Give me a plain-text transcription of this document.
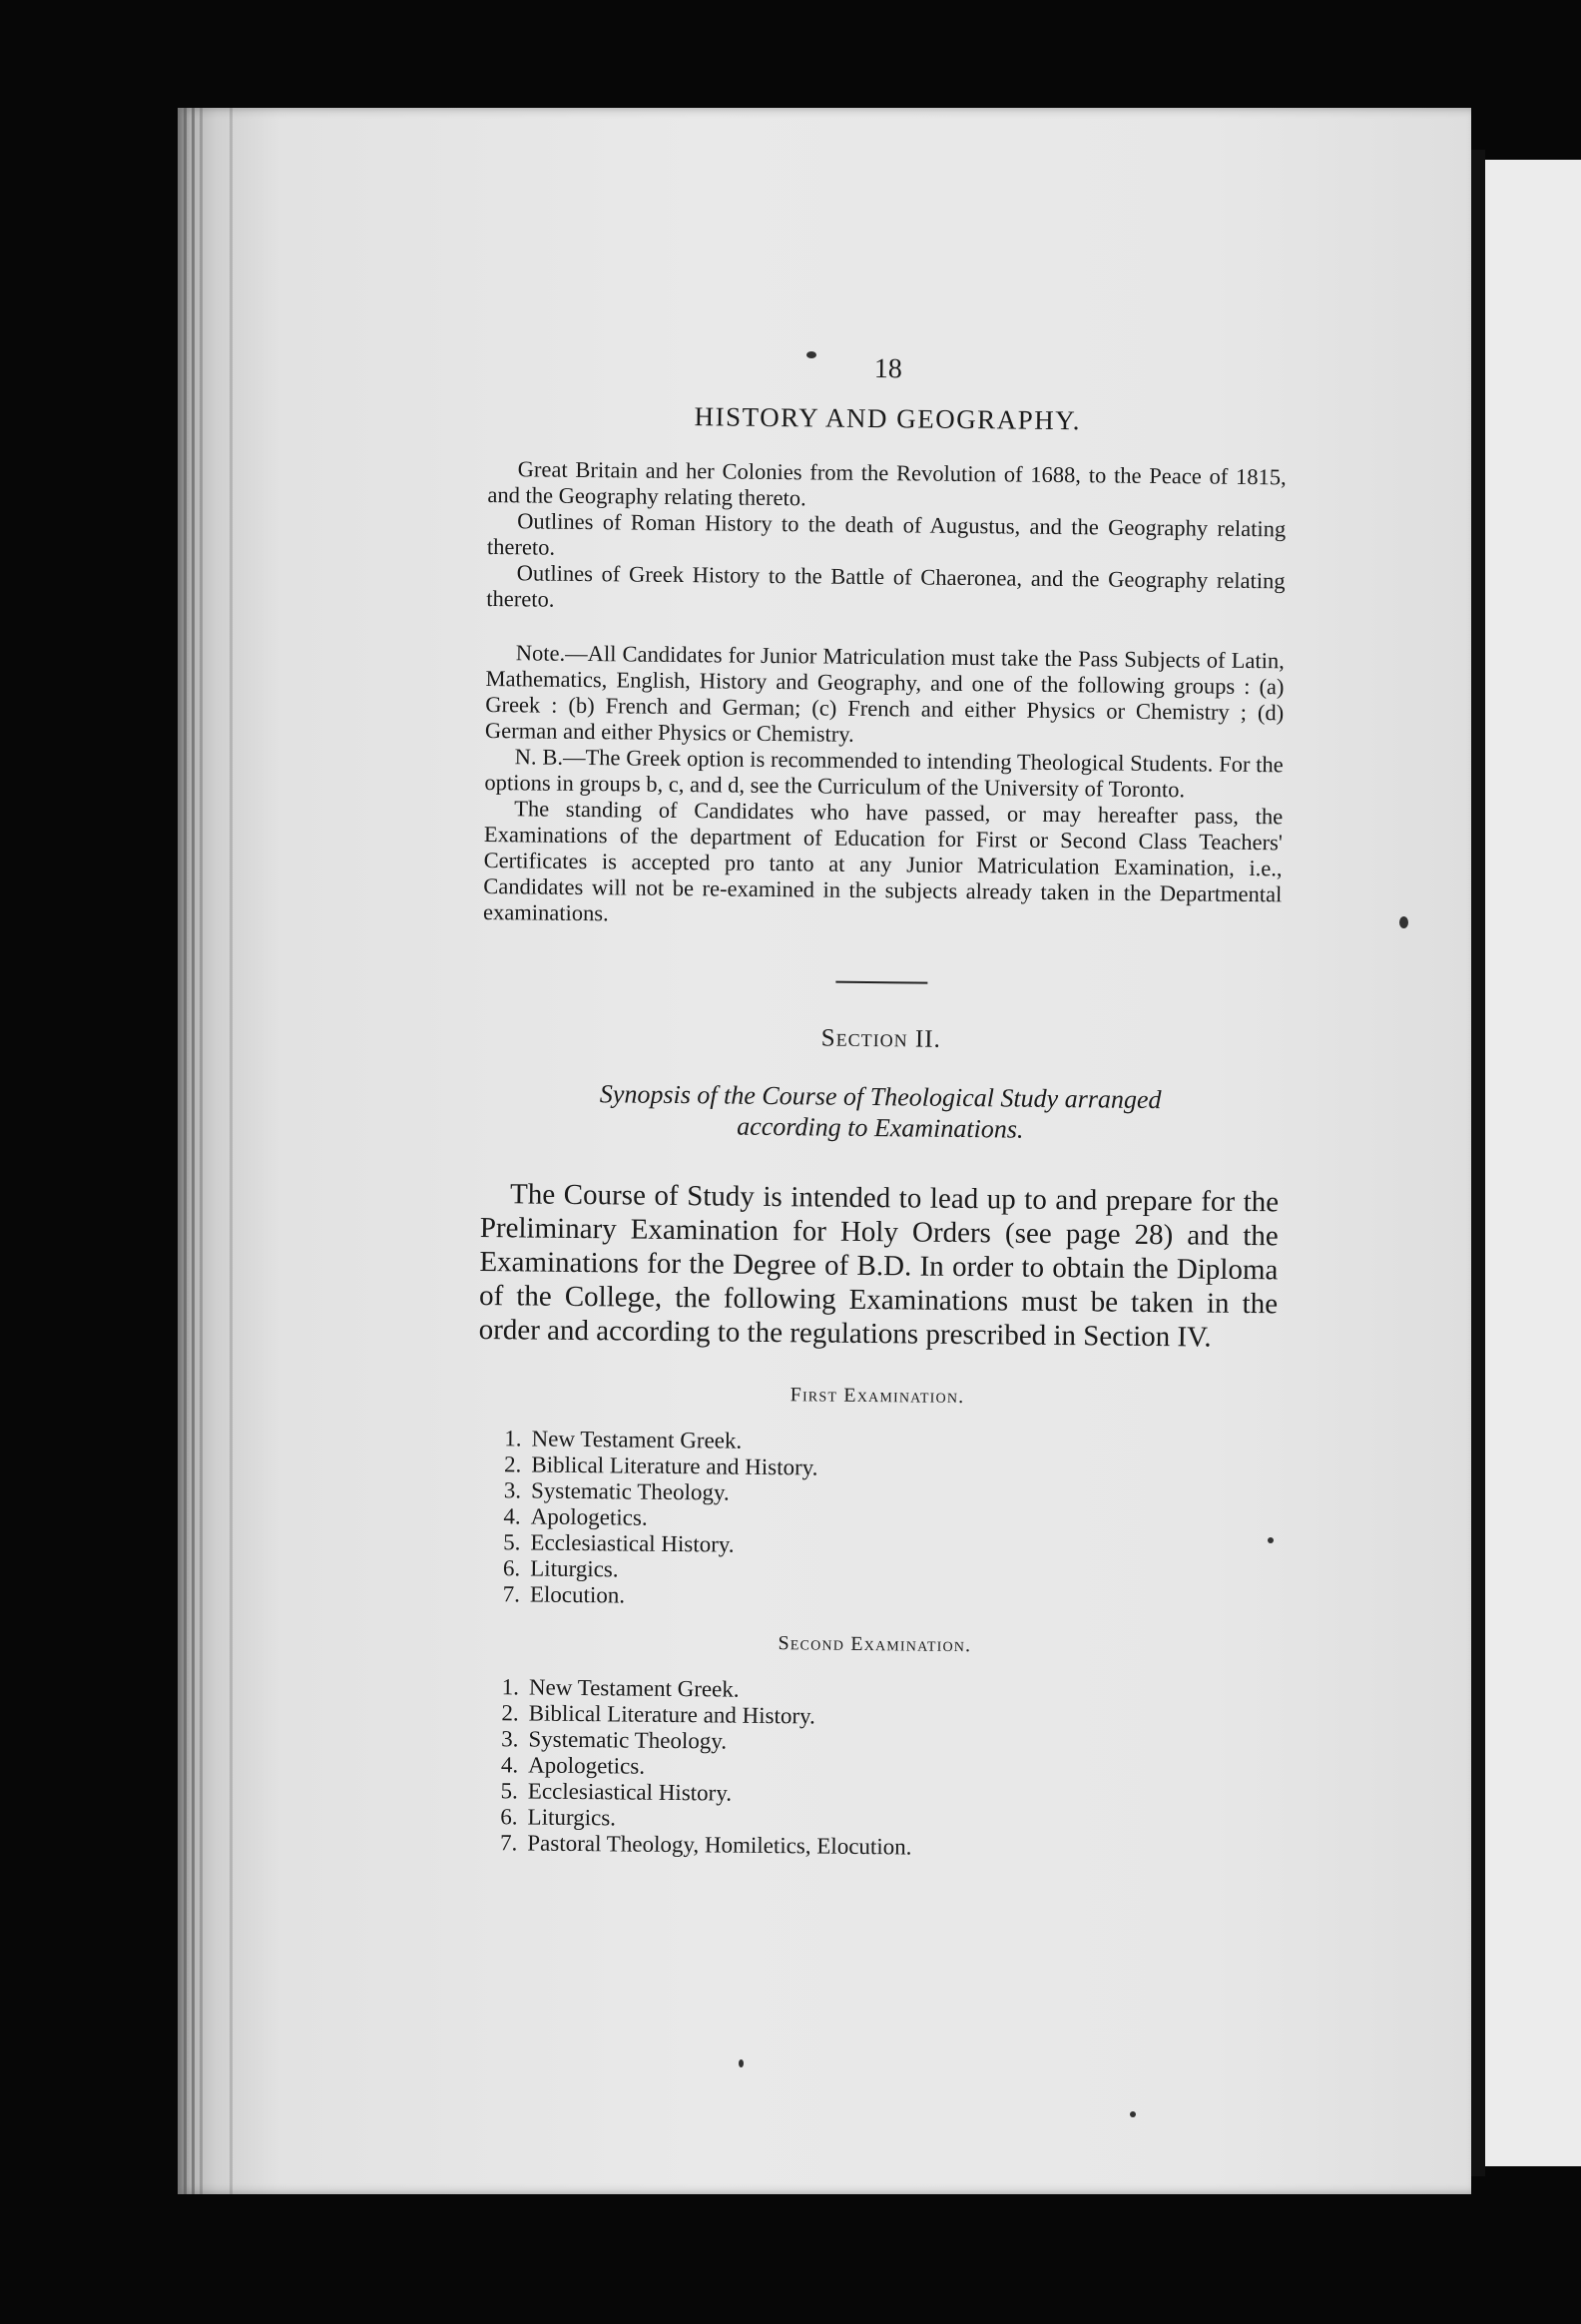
18
HISTORY AND GEOGRAPHY.

Great Britain and her Colonies from the Revolution of 1688, to the Peace of 1815, and the Geography relating thereto.

Outlines of Roman History to the death of Augustus, and the Geography relating thereto.

Outlines of Greek History to the Battle of Chaeronea, and the Geography relating thereto.

Note.—All Candidates for Junior Matriculation must take the Pass Subjects of Latin, Mathematics, English, History and Geography, and one of the following groups : (a) Greek : (b) French and German; (c) French and either Physics or Chemistry ; (d) German and either Physics or Chemistry.

N. B.—The Greek option is recommended to intending Theological Students. For the options in groups b, c, and d, see the Curriculum of the University of Toronto.

The standing of Candidates who have passed, or may hereafter pass, the Examinations of the department of Education for First or Second Class Teachers' Certificates is accepted pro tanto at any Junior Matriculation Examination, i.e., Candidates will not be re-examined in the subjects already taken in the Departmental examinations.

Section II.
Synopsis of the Course of Theological Study arranged
according to Examinations.

The Course of Study is intended to lead up to and prepare for the Preliminary Examination for Holy Orders (see page 28) and the Examinations for the Degree of B.D. In order to obtain the Diploma of the College, the following Examinations must be taken in the order and according to the regulations prescribed in Section IV.

First Examination.
1. New Testament Greek.
2. Biblical Literature and History.
3. Systematic Theology.
4. Apologetics.
5. Ecclesiastical History.
6. Liturgics.
7. Elocution.
Second Examination.
1. New Testament Greek.
2. Biblical Literature and History.
3. Systematic Theology.
4. Apologetics.
5. Ecclesiastical History.
6. Liturgics.
7. Pastoral Theology, Homiletics, Elocution.
